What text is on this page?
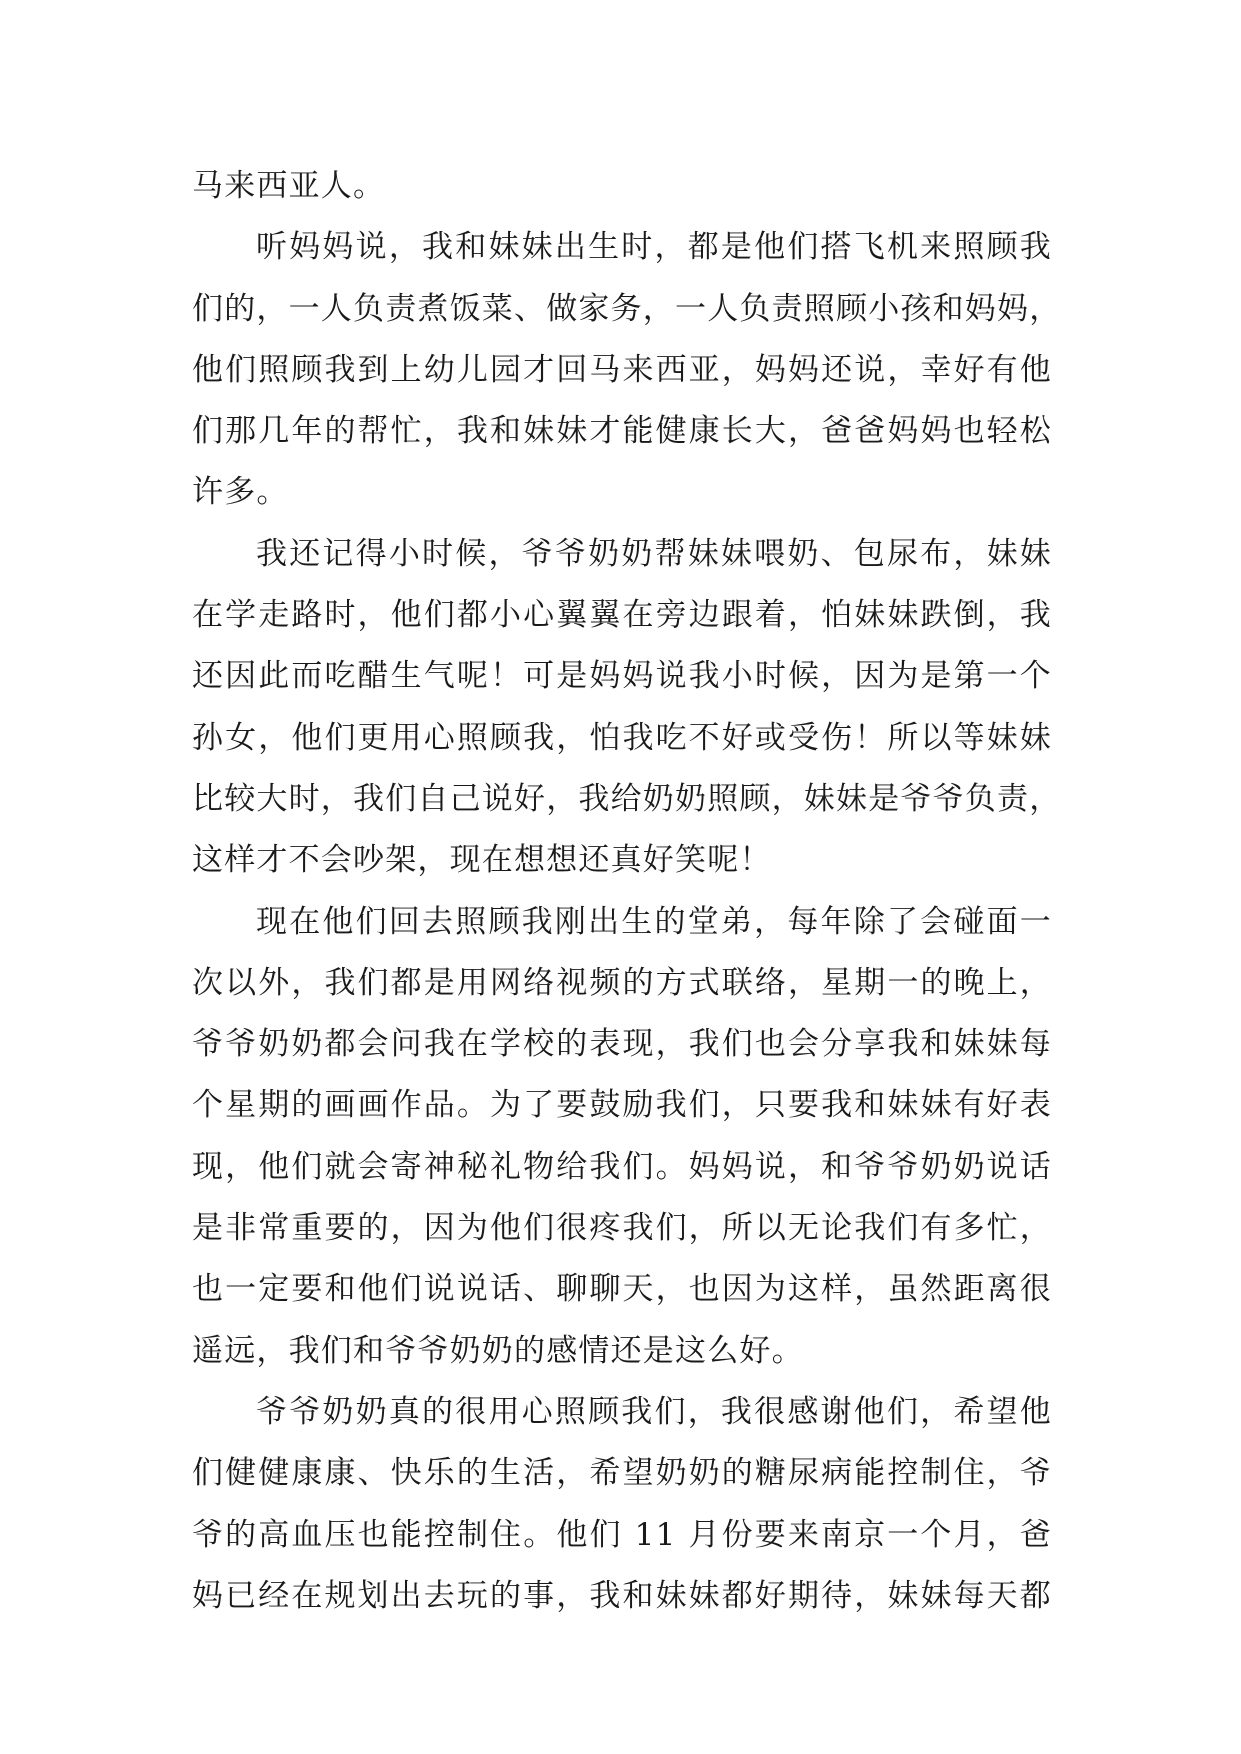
马来西亚人。
听妈妈说，我和妹妹出生时，都是他们搭飞机来照顾我
们的，一人负责煮饭菜、做家务，一人负责照顾小孩和妈妈，
他们照顾我到上幼儿园才回马来西亚，妈妈还说，幸好有他
们那几年的帮忙，我和妹妹才能健康长大，爸爸妈妈也轻松
许多。
我还记得小时候，爷爷奶奶帮妹妹喂奶、包尿布，妹妹
在学走路时，他们都小心翼翼在旁边跟着，怕妹妹跌倒，我
还因此而吃醋生气呢！可是妈妈说我小时候，因为是第一个
孙女，他们更用心照顾我，怕我吃不好或受伤！所以等妹妹
比较大时，我们自己说好，我给奶奶照顾，妹妹是爷爷负责，
这样才不会吵架，现在想想还真好笑呢！
现在他们回去照顾我刚出生的堂弟，每年除了会碰面一
次以外，我们都是用网络视频的方式联络，星期一的晚上，
爷爷奶奶都会问我在学校的表现，我们也会分享我和妹妹每
个星期的画画作品。为了要鼓励我们，只要我和妹妹有好表
现，他们就会寄神秘礼物给我们。妈妈说，和爷爷奶奶说话
是非常重要的，因为他们很疼我们，所以无论我们有多忙，
也一定要和他们说说话、聊聊天，也因为这样，虽然距离很
遥远，我们和爷爷奶奶的感情还是这么好。
爷爷奶奶真的很用心照顾我们，我很感谢他们，希望他
们健健康康、快乐的生活，希望奶奶的糖尿病能控制住，爷
爷的高血压也能控制住。他们 11 月份要来南京一个月，爸
妈已经在规划出去玩的事，我和妹妹都好期待，妹妹每天都
